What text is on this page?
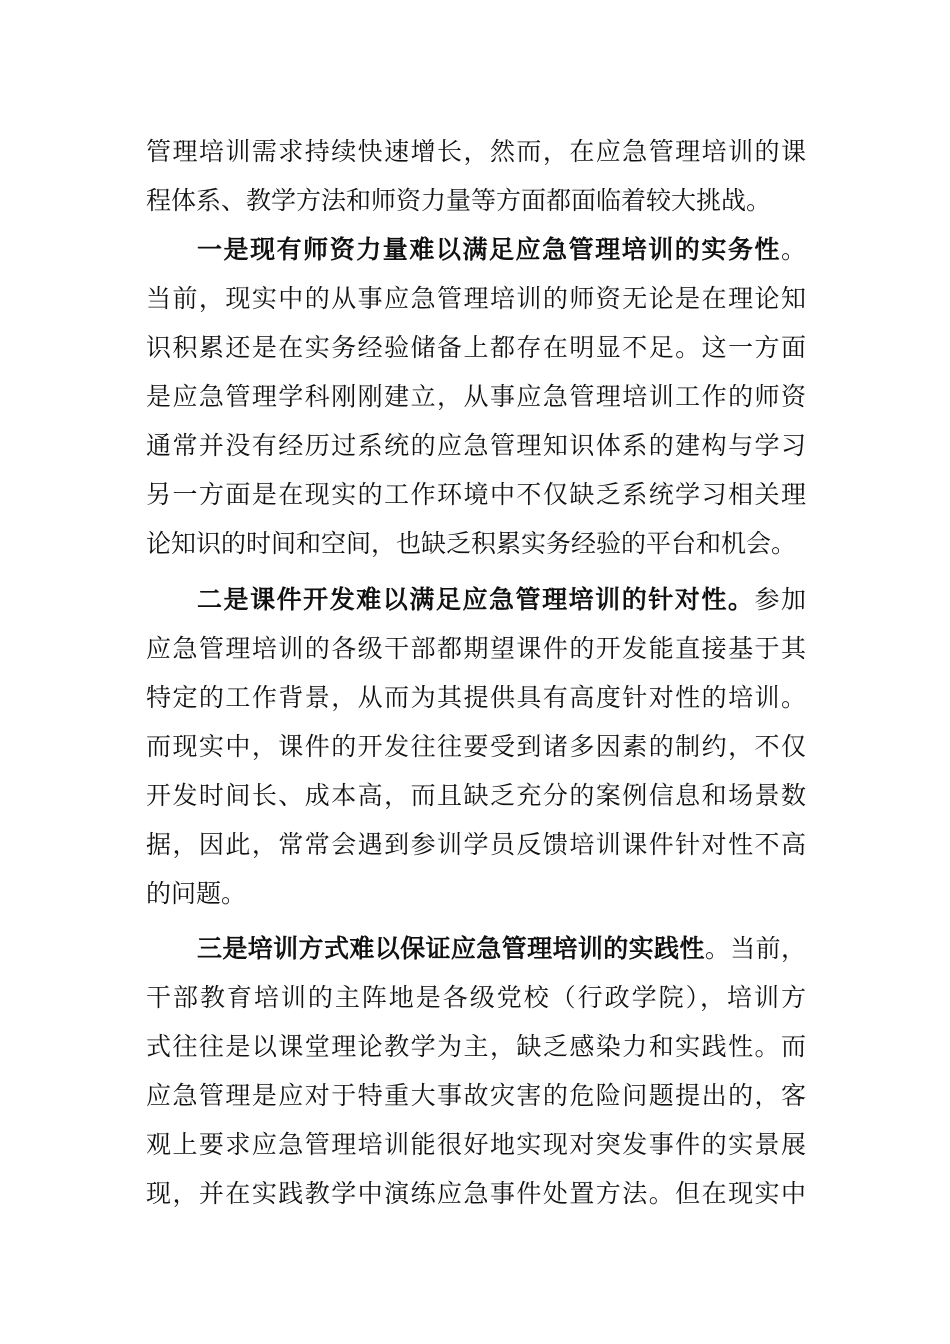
管理培训需求持续快速增长，然而，在应急管理培训的课
程体系、教学方法和师资力量等方面都面临着较大挑战。
一是现有师资力量难以满足应急管理培训的实务性。
当前，现实中的从事应急管理培训的师资无论是在理论知
识积累还是在实务经验储备上都存在明显不足。这一方面
是应急管理学科刚刚建立，从事应急管理培训工作的师资
通常并没有经历过系统的应急管理知识体系的建构与学习
另一方面是在现实的工作环境中不仅缺乏系统学习相关理
论知识的时间和空间，也缺乏积累实务经验的平台和机会。
二是课件开发难以满足应急管理培训的针对性。参加
应急管理培训的各级干部都期望课件的开发能直接基于其
特定的工作背景，从而为其提供具有高度针对性的培训。
而现实中，课件的开发往往要受到诸多因素的制约，不仅
开发时间长、成本高，而且缺乏充分的案例信息和场景数
据，因此，常常会遇到参训学员反馈培训课件针对性不高
的问题。
三是培训方式难以保证应急管理培训的实践性。当前，
干部教育培训的主阵地是各级党校（行政学院），培训方
式往往是以课堂理论教学为主，缺乏感染力和实践性。而
应急管理是应对于特重大事故灾害的危险问题提出的，客
观上要求应急管理培训能很好地实现对突发事件的实景展
现，并在实践教学中演练应急事件处置方法。但在现实中
